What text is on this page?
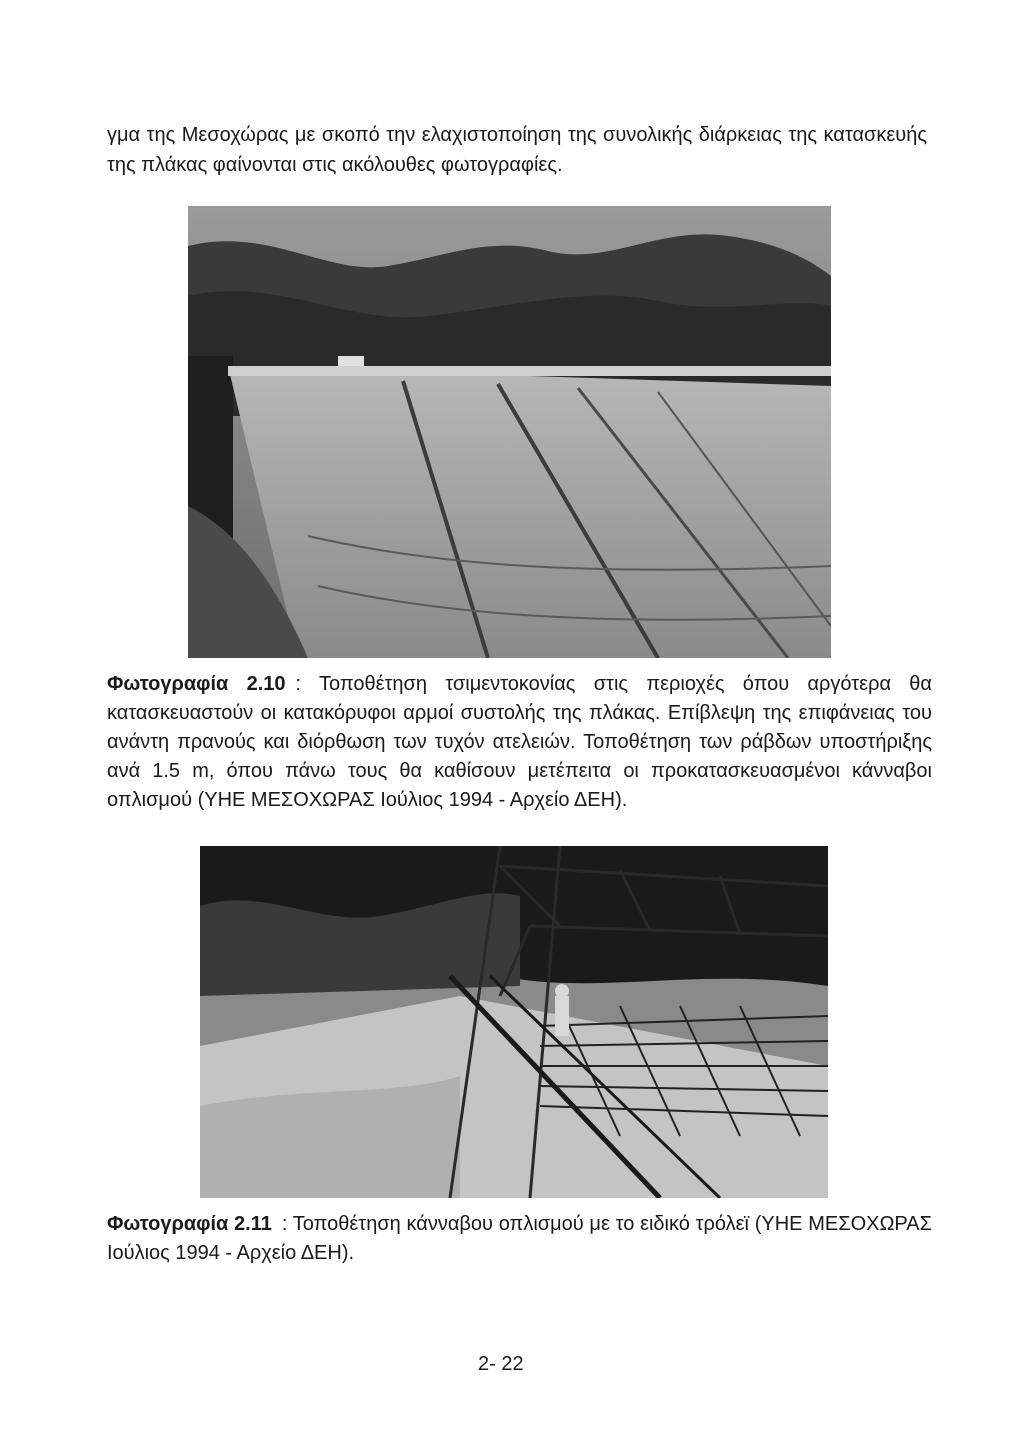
γμα της Μεσοχώρας με σκοπό την ελαχιστοποίηση της συνολικής διάρκειας της κατασκευής της πλάκας φαίνονται στις ακόλουθες φωτογραφίες.

Φωτογραφία 2.10 : Τοποθέτηση τσιμεντοκονίας στις περιοχές όπου αργότερα θα κατασκευαστούν οι κατακόρυφοι αρμοί συστολής της πλάκας. Επίβλεψη της επιφάνειας του ανάντη πρανούς και διόρθωση των τυχόν ατελειών. Τοποθέτηση των ράβδων υποστήριξης ανά 1.5 m, όπου πάνω τους θα καθίσουν μετέπειτα οι προκατασκευασμένοι κάνναβοι οπλισμού (ΥΗΕ ΜΕΣΟΧΩΡΑΣ Ιούλιος 1994 - Αρχείο ΔΕΗ).

Φωτογραφία 2.11 : Τοποθέτηση κάνναβου οπλισμού με το ειδικό τρόλεϊ (ΥΗΕ ΜΕΣΟΧΩΡΑΣ Ιούλιος 1994 - Αρχείο ΔΕΗ).

2- 22
